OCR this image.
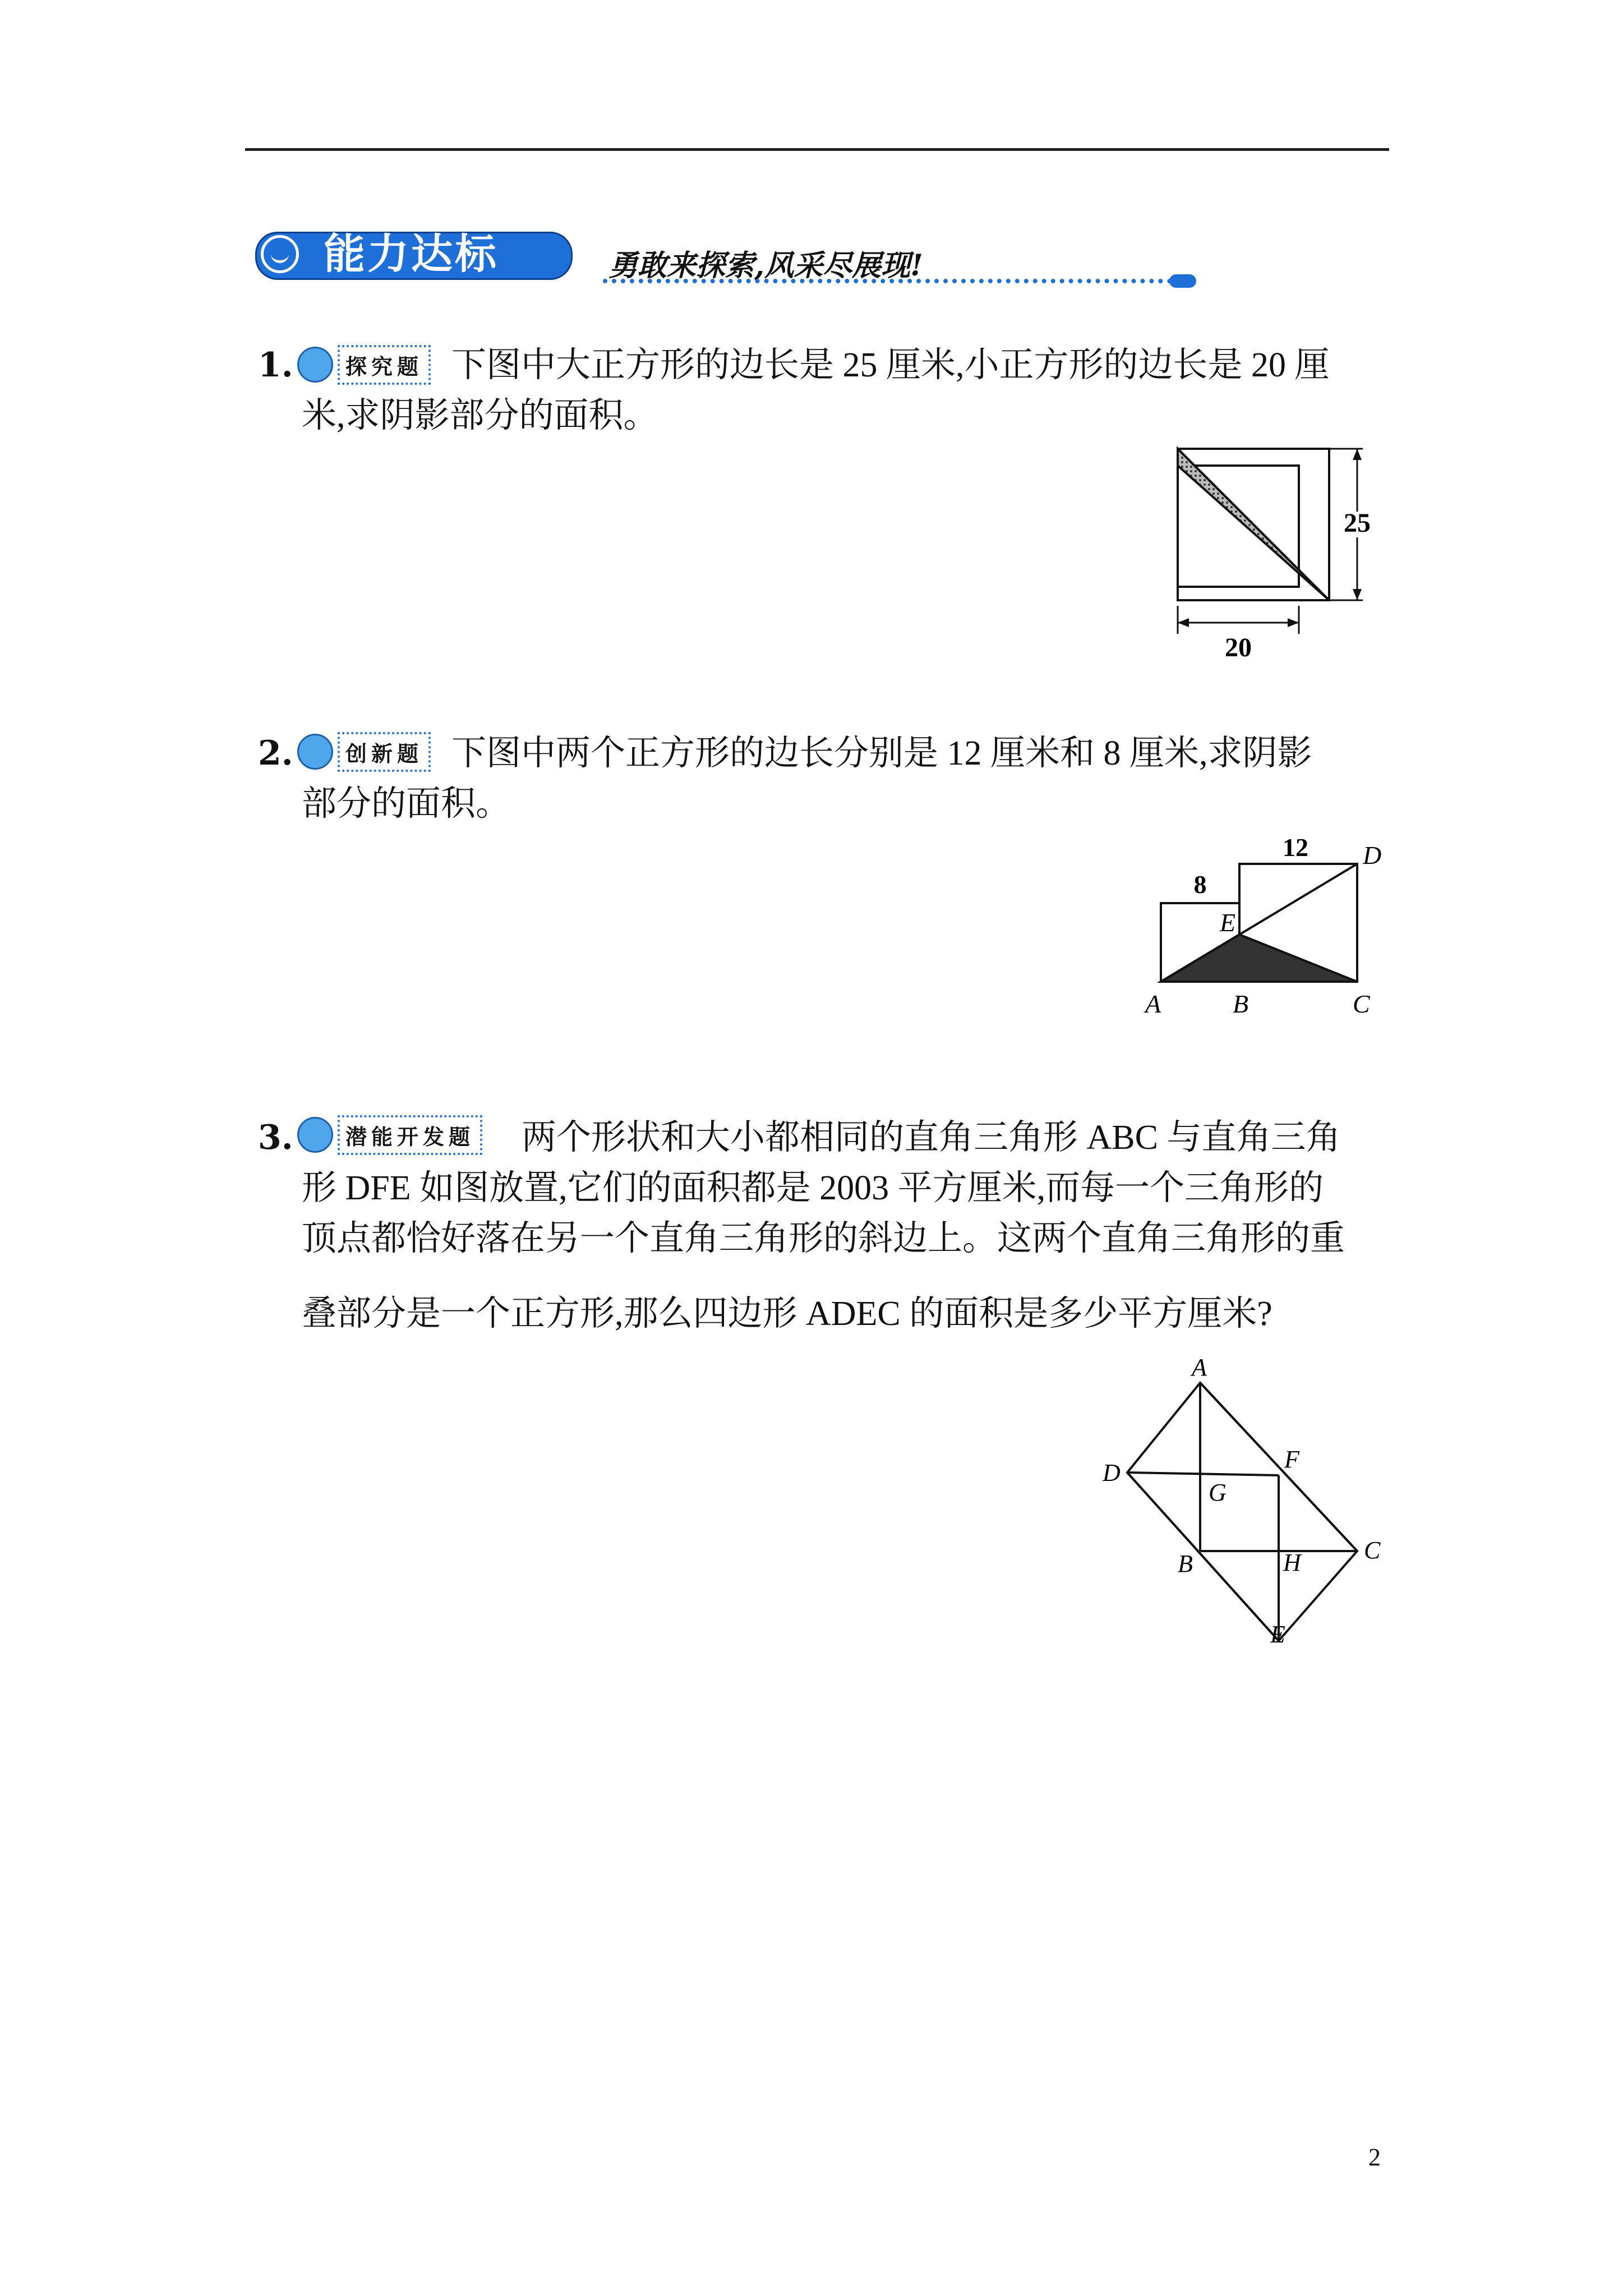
能力达标 ✻ 勇敢来探索,风采尽展现!
1.	探究题 下图中大正方形的边长是 25 厘米,小正方形的边长是 20 厘
米,求阴影部分的面积。
25
20
2.	创新题 下图中两个正方形的边长分别是 12 厘米和 8 厘米,求阴影
部分的面积。
8
12 D
E
A	B	C
3.	潜能开发题 两个形状和大小都相同的直角三角形 ABC 与直角三角
形 DFE 如图放置,它们的面积都是 2003 平方厘米,而每一个三角形的
顶点都恰好落在另一个直角三角形的斜边上。这两个直角三角形的重
叠部分是一个正方形,那么四边形 ADEC 的面积是多少平方厘米?
A
D	F
G
B	C
H
E
2
